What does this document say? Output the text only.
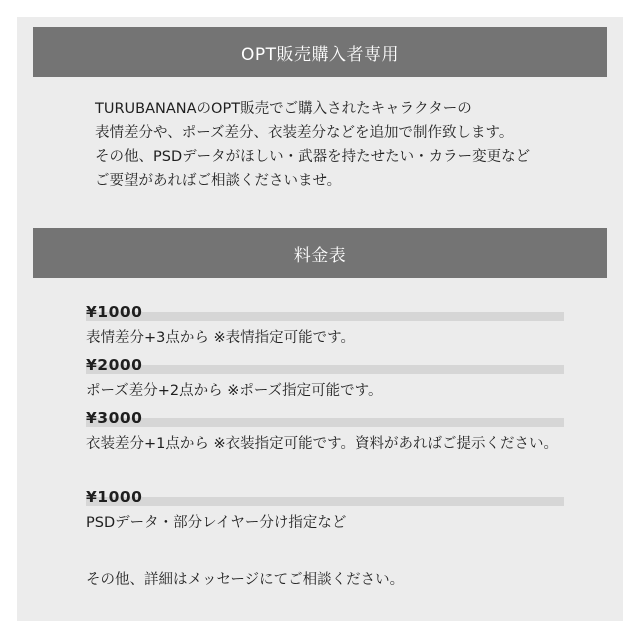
OPT販売購入者専用
TURUBANANAのOPT販売でご購入されたキャラクターの
表情差分や、ポーズ差分、衣装差分などを追加で制作致します。
その他、PSDデータがほしい・武器を持たせたい・カラー変更など
ご要望があればご相談くださいませ。
料金表
¥1000
表情差分+3点から ※表情指定可能です。
¥2000
ポーズ差分+2点から ※ポーズ指定可能です。
¥3000
衣装差分+1点から ※衣装指定可能です。資料があればご提示ください。
¥1000
PSDデータ・部分レイヤー分け指定など
その他、詳細はメッセージにてご相談ください。
